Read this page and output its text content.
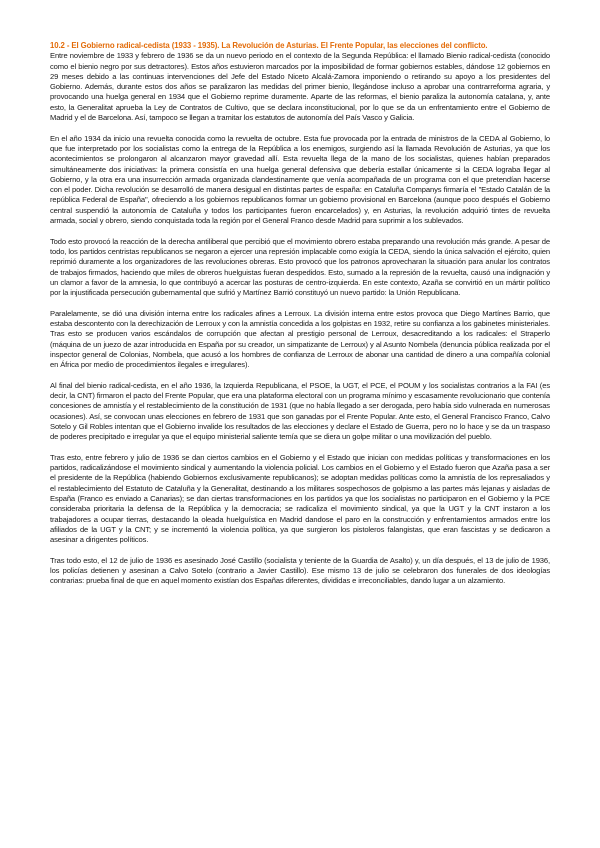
10.2 - El Gobierno radical-cedista (1933 - 1935). La Revolución de Asturias. El Frente Popular, las elecciones del conflicto.

Entre noviembre de 1933 y febrero de 1936 se da un nuevo periodo en el contexto de la Segunda República: el llamado Bienio radical-cedista (conocido como el bienio negro por sus detractores). Estos años estuvieron marcados por la imposibilidad de formar gobiernos estables, dándose 12 gobiernos en 29 meses debido a las continuas intervenciones del Jefe del Estado Niceto Alcalá-Zamora imponiendo o retirando su apoyo a los presidentes del Gobierno. Además, durante estos dos años se paralizaron las medidas del primer bienio, llegándose incluso a aprobar una contrarreforma agraria, y provocando una huelga general en 1934 que el Gobierno reprime duramente. Aparte de las reformas, el bienio paraliza la autonomía catalana, y, ante esto, la Generalitat aprueba la Ley de Contratos de Cultivo, que se declara inconstitucional, por lo que se da un enfrentamiento entre el Gobierno de Madrid y el de Barcelona. Así, tampoco se llegan a tramitar los estatutos de autonomía del País Vasco y Galicia.

En el año 1934 da inicio una revuelta conocida como la revuelta de octubre. Esta fue provocada por la entrada de ministros de la CEDA al Gobierno, lo que fue interpretado por los socialistas como la entrega de la República a los enemigos, surgiendo así la llamada Revolución de Asturias, ya que los acontecimientos se prolongaron al alcanzaron mayor gravedad allí. Esta revuelta llega de la mano de los socialistas, quienes habían preparados simultáneamente dos iniciativas: la primera consistía en una huelga general defensiva que debería estallar únicamente si la CEDA lograba llegar al Gobierno, y la otra era una insurrección armada organizada clandestinamente que venía acompañada de un programa con el que pretendían hacerse con el poder. Dicha revolución se desarrolló de manera desigual en distintas partes de españa: en Cataluña Companys firmaría el "Estado Catalán de la república Federal de España", ofreciendo a los gobiernos republicanos formar un gobierno provisional en Barcelona (aunque poco después el Gobierno central suspendió la autonomía de Cataluña y todos los participantes fueron encarcelados) y, en Asturias, la revolución adquirió tintes de revuelta armada, social y obrero, siendo conquistada toda la región por el General Franco desde Madrid para suprimir a los sublevados.

Todo esto provocó la reacción de la derecha antiliberal que percibió que el movimiento obrero estaba preparando una revolución más grande. A pesar de todo, los partidos centristas republicanos se negaron a ejercer una represión implacable como exigía la CEDA, siendo la única salvación el ejército, quien reprimió duramente a los organizadores de las revoluciones obreras. Esto provocó que los patronos aprovecharan la situación para anular los contratos de trabajos firmados, haciendo que miles de obreros huelguistas fueran despedidos. Esto, sumado a la represión de la revuelta, causó una indignación y un clamor a favor de la amnesia, lo que contribuyó a acercar las posturas de centro-izquierda. En este contexto, Azaña se convirtió en un mártir político por la injustificada persecución gubernamental que sufrió y Martínez Barrió constituyó un nuevo partido: la Unión Republicana.

Paralelamente, se dió una división interna entre los radicales afines a Lerroux. La división interna entre estos provoca que Diego Martínes Barrio, que estaba descontento con la derechización de Lerroux y con la amnistía concedida a los golpistas en 1932, retire su confianza a los gabinetes ministeriales. Tras esto se producen varios escándalos de corrupción que afectan al prestigio personal de Lerroux, desacreditando a los radicales: el Straperlo (máquina de un juezo de azar introducida en España por su creador, un simpatizante de Lerroux) y al Asunto Nombela (denuncia pública realizada por el inspector general de Colonias, Nombela, que acusó a los hombres de confianza de Lerroux de abonar una cantidad de dinero a una compañía colonial en África por medio de procedimientos ilegales e irregulares).

Al final del bienio radical-cedista, en el año 1936, la Izquierda Republicana, el PSOE, la UGT, el PCE, el POUM y los socialistas contrarios a la FAI (es decir, la CNT) firmaron el pacto del Frente Popular, que era una plataforma electoral con un programa mínimo y escasamente revolucionario que contenía concesiones de amnistía y el restablecimiento de la constitución de 1931 (que no había llegado a ser derogada, pero había sido vulnerada en numerosas ocasiones). Así, se convocan unas elecciones en febrero de 1931 que son ganadas por el Frente Popular. Ante esto, el General Francisco Franco, Calvo Sotelo y Gil Robles intentan que el Gobierno invalide los resultados de las elecciones y declare el Estado de Guerra, pero no lo hace y se da un traspaso de poderes precipitado e irregular ya que el equipo ministerial saliente temía que se diera un golpe militar o una movilización del pueblo.

Tras esto, entre febrero y julio de 1936 se dan ciertos cambios en el Gobierno y el Estado que inician con medidas políticas y transformaciones en los partidos, radicalizándose el movimiento sindical y aumentando la violencia policial. Los cambios en el Gobierno y el Estado fueron que Azaña pasa a ser el presidente de la República (habiendo Gobiernos exclusivamente republicanos); se adoptan medidas políticas como la amnistía de los represaliados y el restablecimiento del Estatuto de Cataluña y la Generalitat, destinando a los militares sospechosos de golpismo a las partes más lejanas y aisladas de España (Franco es enviado a Canarias); se dan ciertas transformaciones en los partidos ya que los socialistas no participaron en el Gobierno y la PCE consideraba prioritaria la defensa de la República y la democracia; se radicaliza el movimiento sindical, ya que la UGT y la CNT instaron a los trabajadores a ocupar tierras, destacando la oleada huelguística en Madrid dandose el paro en la construcción y enfrentamientos armados entre los afiliados de la UGT y la CNT; y se incrementó la violencia política, ya que surgieron los pistoleros falangistas, que eran fascistas y se dedicaron a asesinar a dirigentes políticos.

Tras todo esto, el 12 de julio de 1936 es asesinado José Castillo (socialista y teniente de la Guardia de Asalto) y, un día después, el 13 de julio de 1936, los policías detienen y asesinan a Calvo Sotelo (contrario a Javier Castillo). Ese mismo 13 de julio se celebraron dos funerales de dos ideologías contrarias: prueba final de que en aquel momento existían dos Españas diferentes, divididas e irreconciliables, dando lugar a un alzamiento.
